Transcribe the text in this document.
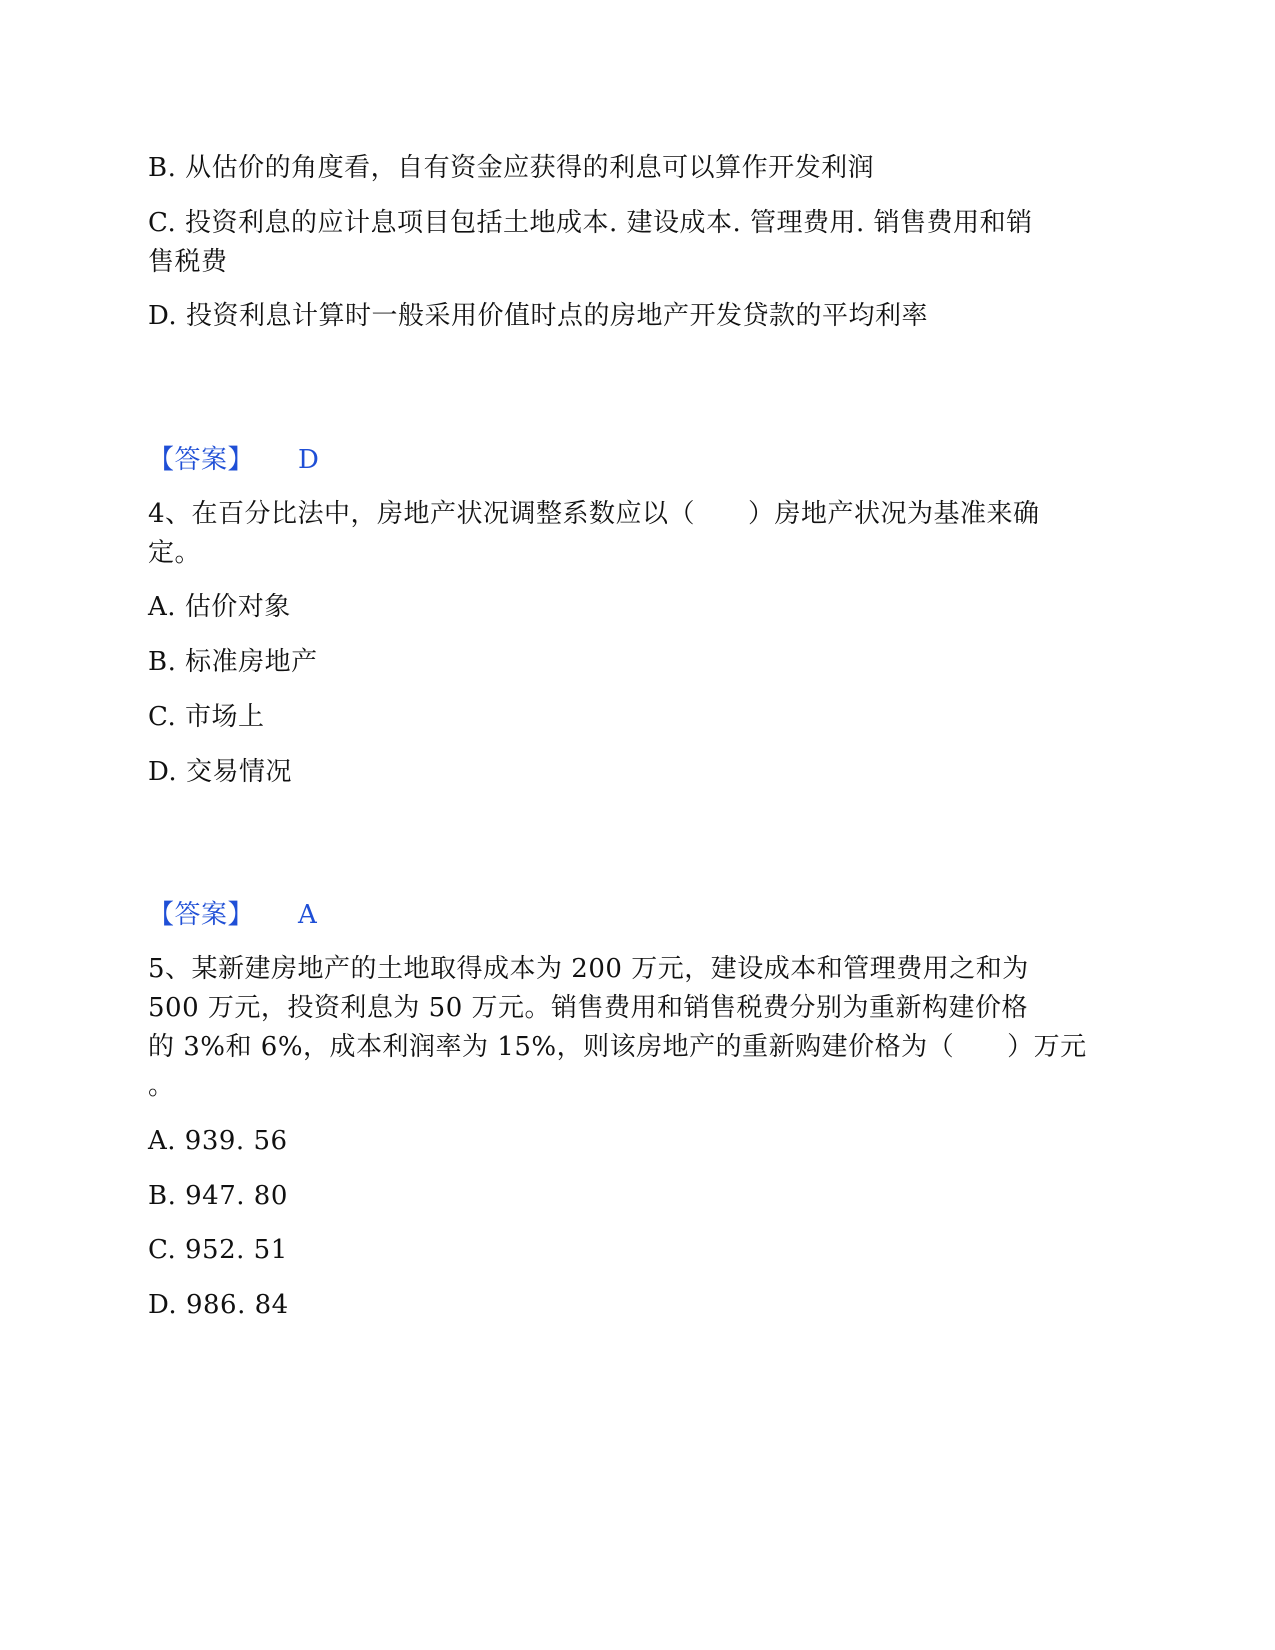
B. 从估价的角度看，自有资金应获得的利息可以算作开发利润
C. 投资利息的应计息项目包括土地成本. 建设成本. 管理费用. 销售费用和销
售税费
D. 投资利息计算时一般采用价值时点的房地产开发贷款的平均利率
【答案】 D
4、在百分比法中，房地产状况调整系数应以（　　）房地产状况为基准来确
定。
A. 估价对象
B. 标准房地产
C. 市场上
D. 交易情况
【答案】 A
5、某新建房地产的土地取得成本为 200 万元，建设成本和管理费用之和为
500 万元，投资利息为 50 万元。销售费用和销售税费分别为重新构建价格
的 3%和 6%，成本利润率为 15%，则该房地产的重新购建价格为（　　）万元
。
A. 939. 56
B. 947. 80
C. 952. 51
D. 986. 84
